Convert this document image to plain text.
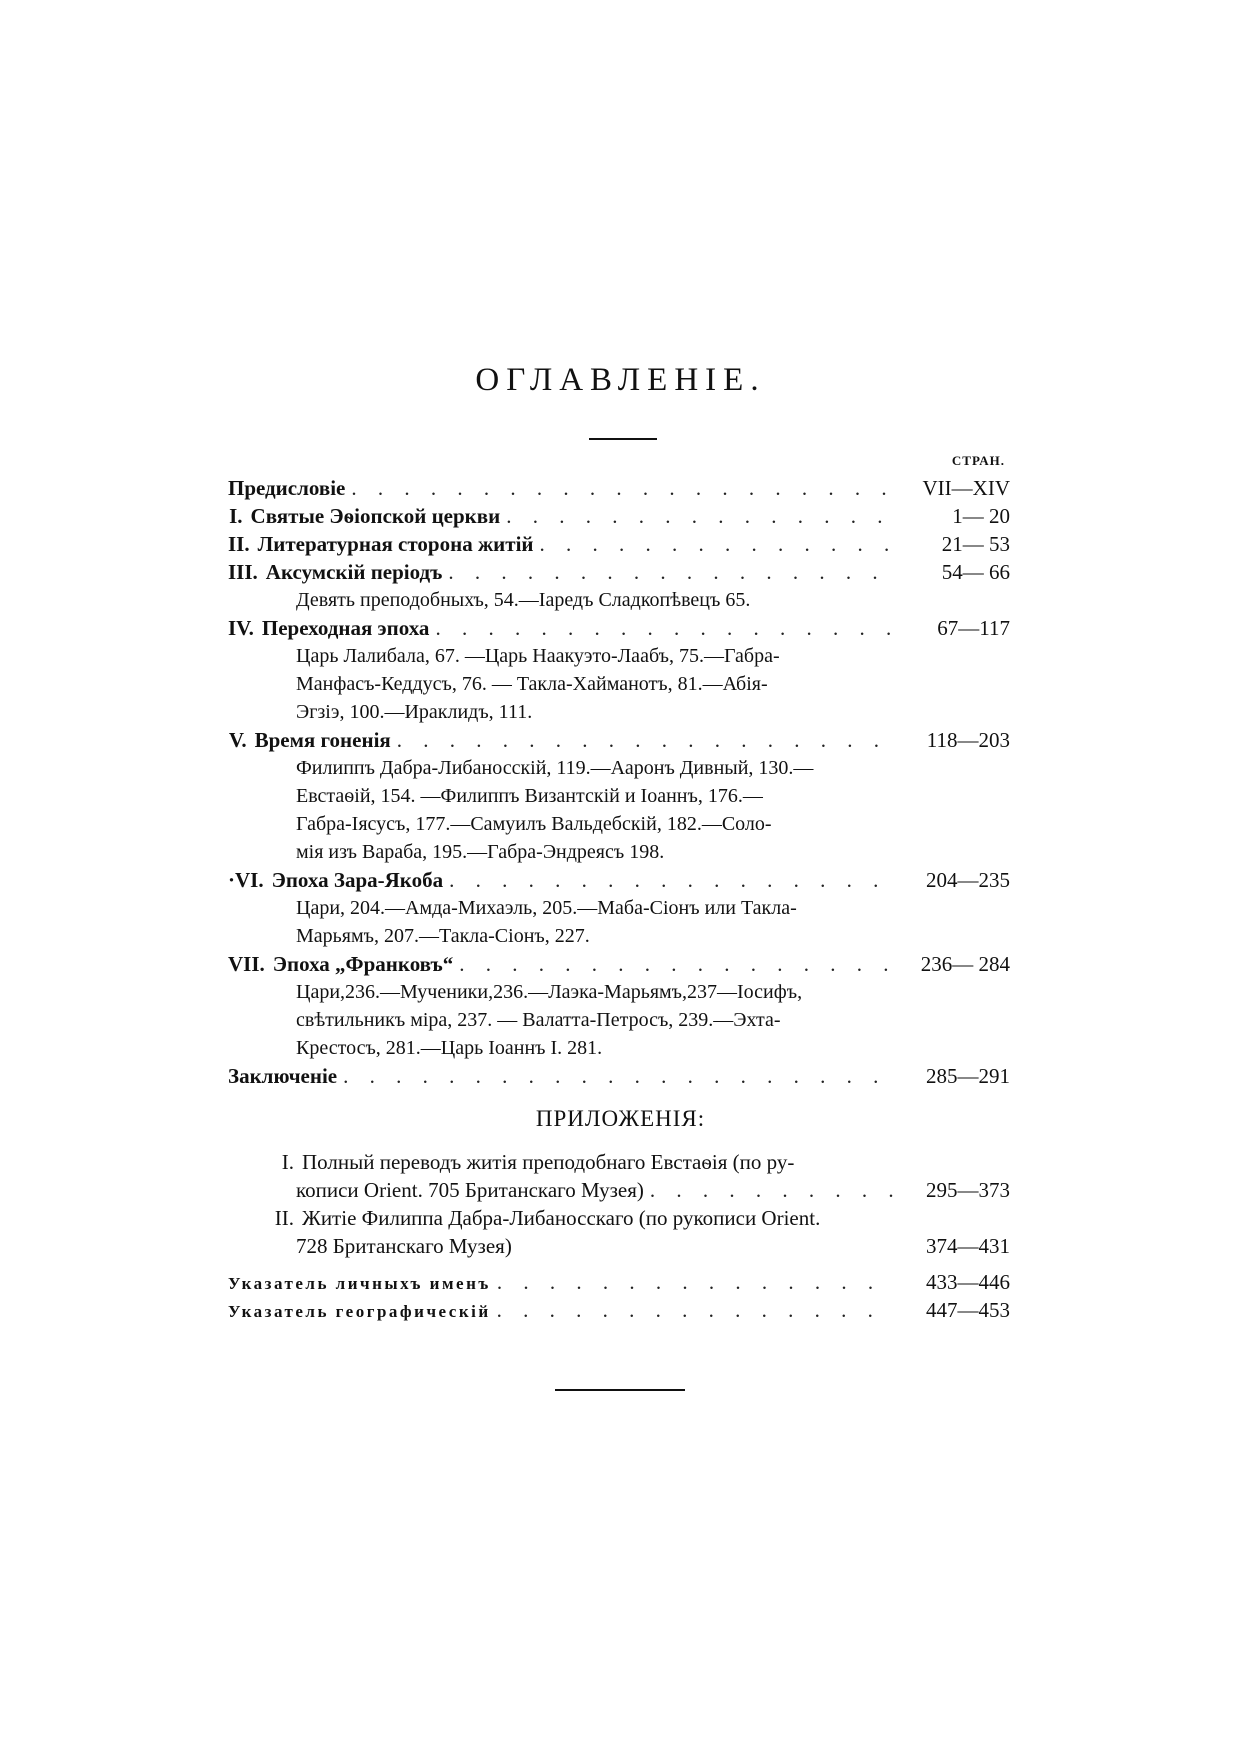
ОГЛАВЛЕНІЕ.
СТРАН.
Предисловіе . . .	VII—XIV
I. Святые Эѳіопской церкви . . .	1— 20
II. Литературная сторона житій . . .	21— 53
III. Аксумскій періодъ . . .	54— 66
Девять преподобныхъ, 54.—Іаредъ Сладкопѣвецъ 65.
IV. Переходная эпоха . . .	67—117
Царь Лалибала, 67. —Царь Наакуэто-Лаабъ, 75.—Габра-
Манфасъ-Кеддусъ, 76. — Такла-Хайманотъ, 81.—Абія-
Эгзіэ, 100.—Ираклидъ, 111.
V. Время гоненія . . .	118—203
Филиппъ Дабра-Либаносскій, 119.—Ааронъ Дивный, 130.—
Евстаѳій, 154. —Филиппъ Византскій и Іоаннъ, 176.—
Габра-Іясусъ, 177.—Самуилъ Вальдебскій, 182.—Соло-
мія изъ Вараба, 195.—Габра-Эндреясъ 198.
·VI. Эпоха Зара-Якоба . . .	204—235
Цари, 204.—Амда-Михаэль, 205.—Маба-Сіонъ или Такла-
Марьямъ, 207.—Такла-Сіонъ, 227.
VII. Эпоха „Франковъ“ . . .	236— 284
Цари,236.—Мученики,236.—Лаэка-Марьямъ,237—Іосифъ,
свѣтильникъ міра, 237. — Валатта-Петросъ, 239.—Эхта-
Крестосъ, 281.—Царь Іоаннъ I. 281.
Заключеніе . . .	285—291
ПРИЛОЖЕНІЯ:
I. Полный переводъ житія преподобнаго Евстаѳія (по ру-
кописи Orient. 705 Британскаго Музея) . . .	295—373
II. Житіе Филиппа Дабра-Либаносскаго (по рукописи Orient.
728 Британскаго Музея)	374—431
Указатель личныхъ именъ . . .	433—446
Указатель географическій . . .	447—453
